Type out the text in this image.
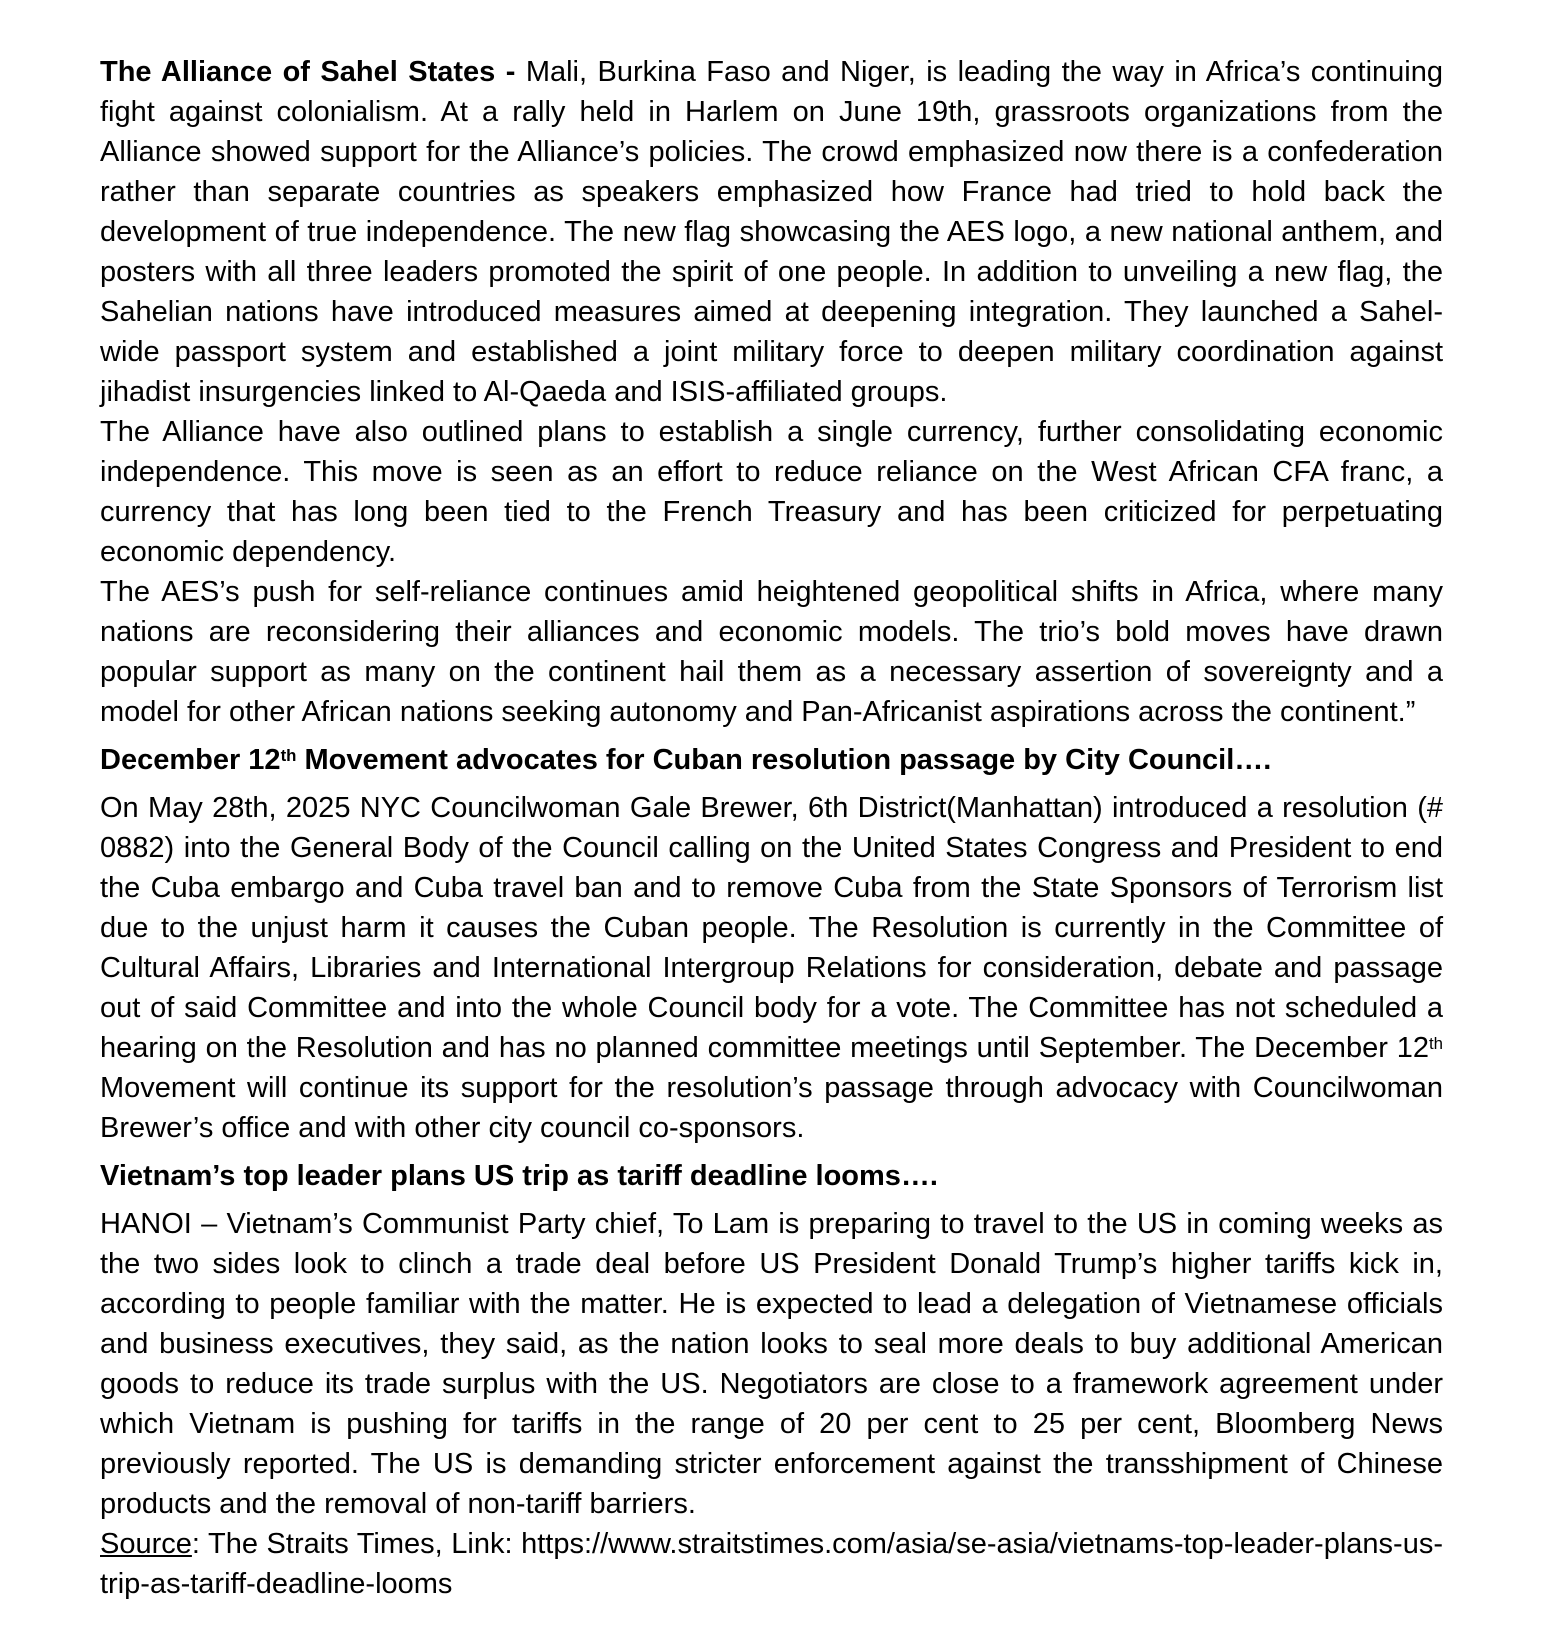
The Alliance of Sahel States - Mali, Burkina Faso and Niger, is leading the way in Africa’s continuing fight against colonialism. At a rally held in Harlem on June 19th, grassroots organizations from the Alliance showed support for the Alliance’s policies. The crowd emphasized now there is a confederation rather than separate countries as speakers emphasized how France had tried to hold back the development of true independence. The new flag showcasing the AES logo, a new national anthem, and posters with all three leaders promoted the spirit of one people. In addition to unveiling a new flag, the Sahelian nations have introduced measures aimed at deepening integration. They launched a Sahel-wide passport system and established a joint military force to deepen military coordination against jihadist insurgencies linked to Al-Qaeda and ISIS-affiliated groups.

The Alliance have also outlined plans to establish a single currency, further consolidating economic independence. This move is seen as an effort to reduce reliance on the West African CFA franc, a currency that has long been tied to the French Treasury and has been criticized for perpetuating economic dependency.

The AES’s push for self-reliance continues amid heightened geopolitical shifts in Africa, where many nations are reconsidering their alliances and economic models. The trio’s bold moves have drawn popular support as many on the continent hail them as a necessary assertion of sovereignty and a model for other African nations seeking autonomy and Pan-Africanist aspirations across the continent.”

December 12th Movement advocates for Cuban resolution passage by City Council….

On May 28th, 2025 NYC Councilwoman Gale Brewer, 6th District(Manhattan) introduced a resolution (# 0882) into the General Body of the Council calling on the United States Congress and President to end the Cuba embargo and Cuba travel ban and to remove Cuba from the State Sponsors of Terrorism list due to the unjust harm it causes the Cuban people. The Resolution is currently in the Committee of Cultural Affairs, Libraries and International Intergroup Relations for consideration, debate and passage out of said Committee and into the whole Council body for a vote. The Committee has not scheduled a hearing on the Resolution and has no planned committee meetings until September. The December 12th Movement will continue its support for the resolution’s passage through advocacy with Councilwoman Brewer’s office and with other city council co-sponsors.

Vietnam’s top leader plans US trip as tariff deadline looms….

HANOI – Vietnam’s Communist Party chief, To Lam is preparing to travel to the US in coming weeks as the two sides look to clinch a trade deal before US President Donald Trump’s higher tariffs kick in, according to people familiar with the matter. He is expected to lead a delegation of Vietnamese officials and business executives, they said, as the nation looks to seal more deals to buy additional American goods to reduce its trade surplus with the US. Negotiators are close to a framework agreement under which Vietnam is pushing for tariffs in the range of 20 per cent to 25 per cent, Bloomberg News previously reported. The US is demanding stricter enforcement against the transshipment of Chinese products and the removal of non-tariff barriers.

Source: The Straits Times, Link: https://www.straitstimes.com/asia/se-asia/vietnams-top-leader-plans-us-trip-as-tariff-deadline-looms
